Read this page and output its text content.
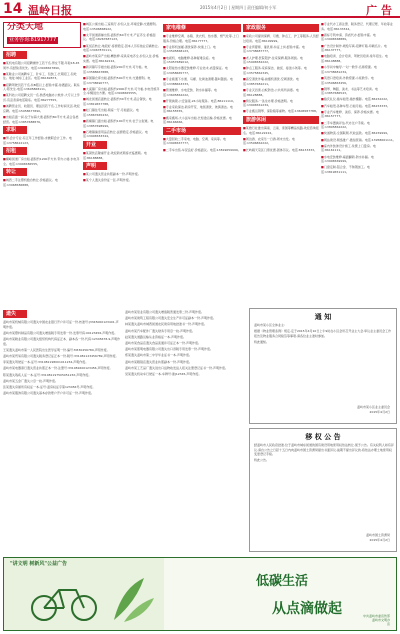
14 温岭日报	2015年4月2日 | 星期四 | 责任编辑/何小军	广 告
分类天地
业务咨询:81917777
招聘
■某机电有限公司招聘操作工若干名,男女不限,年龄18-45周岁,有经验者优先。电话:13906567890。
■某鞋业公司诚聘车工、针车工、包装工,长期招工,包吃住。地址:城东工业区。电话:86169873。
■招聘驾驶员若干名,持B照以上,经验丰富,待遇面议。联系人:陈先生,电话:13605868111。
■某科技公司招聘文员一名,熟悉电脑办公软件,大专以上学历,有意者请电话联系。电话:86277555。
■诚聘营业员、收银员、理货员若干名,工作时间灵活,欢迎应聘。电话:15958677890。
■出租店面一间,位于东海大道,面积约80平方米,适合各类经营。电话:13857688876。
求职
■男,会计专业,有五年工作经验,求兼职会计工作。电话:13758622123。
招租
■横峰街道厂房出租,面积约1200平方米,带办公楼,水电齐全。电话:13906586555。
转让
■城西二手注塑机数台转让,价格面议。电话:13968586888。
■城区公寓出租,三室两厅,拎包入住,环境安静,交通便利。电话:13506868922。
■太平街道商铺出售,面积约60平方米,产证齐全,价格面议。电话:18267687123。
■某饭店转让,地段好,客源稳定,因本人另有他业忍痛转让。电话:13067870111。
■温岭市某房产出租,精装修,家具家电齐全,拎包入住,价格实惠。电话:86162222。
■新河镇写字楼出租,面积200平方米,可分租。电话:13588667888。
■泽国镇仓库出租,面积约500平方米,交通便利。电话:13738690777。
■大溪镇厂房出租,面积约2000平方米,可分租,水电设施齐全,车辆进出方便。电话:13906565555。
■城北街道店面转让,面积约30平方米,适合餐饮。电话:13819657788。
■松门镇住宅出租,两室一厅,月租面议。电话:15867665432。
■箬横镇门面出租,面积约100平方米,位于主街道。电话:13857698999。
■石塘镇渔需用品店转让,货源稳定,价格面议。电话:13906583344。
开业
■某餐饮店隆重开业,欢迎新老顾客光临惠顾。电话:86188888。
声明
■某公司遗失营业执照副本一份,声明作废。
■某个人遗失身份证一张,声明作废。
家电维修
■专业维修空调、冰箱、洗衣机、热水器、燃气灶等,上门服务,价格合理。电话:86177777。
■专业移机加氟,清洗保养,快速上门。电话:13505868123。
■电视机、电脑维修,各种疑难杂症。电话:15957689012。
■太阳能热水器安装维修,专业技术,质量保证。电话:13958665777。
■专业疏通下水道、马桶、化粪池清理,随叫随到。电话:13388663333。
■管道维修、水电安装、防水补漏等。电话:13605862222。
■开锁换锁,公安备案,24小时服务。电话:86111110。
■专业家政保洁,新房开荒、地毯清洗、玻璃清洁。电话:86155555。
■搬家搬场,大小货车出租,长短途运输,价格优惠。电话:86166666。
二手市场
■大量回收二手家电、电脑、空调、家具等。电话:13906567777。
■二手车出售,车况良好,价格面议。电话:13819659999。
家政服务
■家政公司提供保姆、月嫂、钟点工、护工等服务,人员经过培训。电话:86199999。
■专业育婴师、催乳师,持证上岗,经验丰富。电话:13738687777。
■老人护理,医院陪护,住家保姆,服务周到。电话:15906582222。
■钟点工服务,家庭保洁、做饭、接送小孩等。电话:13575862345。
■高空清洗外墙,油烟机清洗,空调清洗。电话:13857682211。
■专业灭四害,白蚁防治,公共场所消毒。电话:86128888。
■殡仪服务,一条龙办理,价格透明。电话:13906561234。
■专业搬运钢琴、保险箱等重物。电话:13606587788。
旅游休闲
■某旅行社推出海南、云南、泰国等精品线路,欢迎咨询报名。电话:86122222。
■周边游、农家乐一日游,周末出发。电话:13506862222。
■长屿硐天景区门票优惠,团体另议。电话:86133333。
■专业代办工商注册、税务登记、代理记账、年检等业务。电话:86133344。
■商标专利申请、资质代办,经验丰富。电话:13906568889。
■广告设计制作,喷绘写真,招牌灯箱,印刷名片。电话:86137777。
■电脑培训、会计培训、驾驶员培训,常年招生。电话:86148888。
■小学初中辅导,一对一教学,名师授课。电话:13738681234。
■英语口语培训,外教授课,小班教学。电话:13506863456。
■钢琴、舞蹈、美术、书法等艺术培训。电话:13857686543。
■婚庆礼仪,婚车租赁,婚纱摄影。电话:86152222。
■汽车租赁,各种车型,日租月租。电话:86153333。
■专业汽车维修、美容、保养,价格实惠。电话:86157777。
■二手车置换评估,代办过户手续。电话:13805862222。
■快递物流,全国联网,代收货款。电话:86159999。
■网站建设,网络推广,微信营销。电话:13958661111。
■室内外装饰设计施工,免费上门量房。电话:86161111。
■水电安装维修,墙面翻新,防水补漏。电话:13906569999。
■门窗定制,铝合金、不锈钢加工。电话:13819651111。
遗失
温岭市某机械有限公司遗失中国农业银行开户许可证一份,核准号:J3345000123401,声明作废。
温岭市某塑料制品有限公司遗失增值税专用发票一份,发票号码:00123456,声明作废。
温岭市某鞋业有限公司遗失组织机构代码证正本、副本各一份,代码:12345678-9,声明作废。
王某遗失温岭市第一人民医院出生医学证明一份,编号:M330456789,声明作废。
温岭市某贸易有限公司遗失税务登记证正本一份,税号:331081123456789,声明作废。
李某遗失驾驶证一本,证号:331081198001011234,声明作废。
温岭市某电器商行遗失营业执照正本一份,注册号:331081600123456,声明作废。
陈某遗失残疾人证一本,证号:33108119750505123X,声明作废。
温岭市某五金厂遗失公章一枚,声明作废。
张某遗失房屋所有权证一本,证号:温房权证字第123456号,声明作废。
温岭市某服饰有限公司遗失基本存款账户开户许可证一份,声明作废。
温岭市某泵业有限公司遗失增值税普通发票二份,声明作废。
温岭市某建筑工程有限公司遗失安全生产许可证副本一份,声明作废。
林某遗失温岭市城西街道农民建房用地批准书一份,声明作废。
温岭市某汽车配件厂遗失财务专用章一枚,声明作废。
赵某遗失道路运输从业资格证一本,声明作废。
温岭市某食品店遗失食品流通许可证正本一份,声明作废。
温岭市某照明电器有限公司遗失出口退税专用发票一份,声明作废。
郑某遗失温岭市第二中学毕业证书一本,声明作废。
温岭市某眼镜店遗失营业执照副本一份,声明作废。
温岭市某工艺品厂遗失进出口货物收发货人报关注册登记证书一份,声明作废。
吴某遗失机动车行驶证一本,车牌号:浙J12345,声明作废。
通 知
温岭市某小区全体业主:
根据《物业管理条例》规定,定于2015年4月10日上午9时在小区会所召开业主大会,审议业主委员会工作报告及物业服务合同续签等事项,请各位业主准时参加。
特此通知。
温岭市某小区业主委员会
2015年4月2日
移 权 公 告
经温岭市人民政府批准,位于温岭市城东街道的国有建设用地使用权依法转让,现予公告。有关权利人如有异议,请自公告之日起十五日内向温岭市国土资源局提出书面异议,逾期不提出异议的,将依法办理土地使用权变更登记手续。
特此公告。
温岭市国土资源局
2015年4月2日
"讲文明 树新风"公益广告
低碳生活
从点滴做起	中共温岭市委宣传部
温岭市文明办
宣
